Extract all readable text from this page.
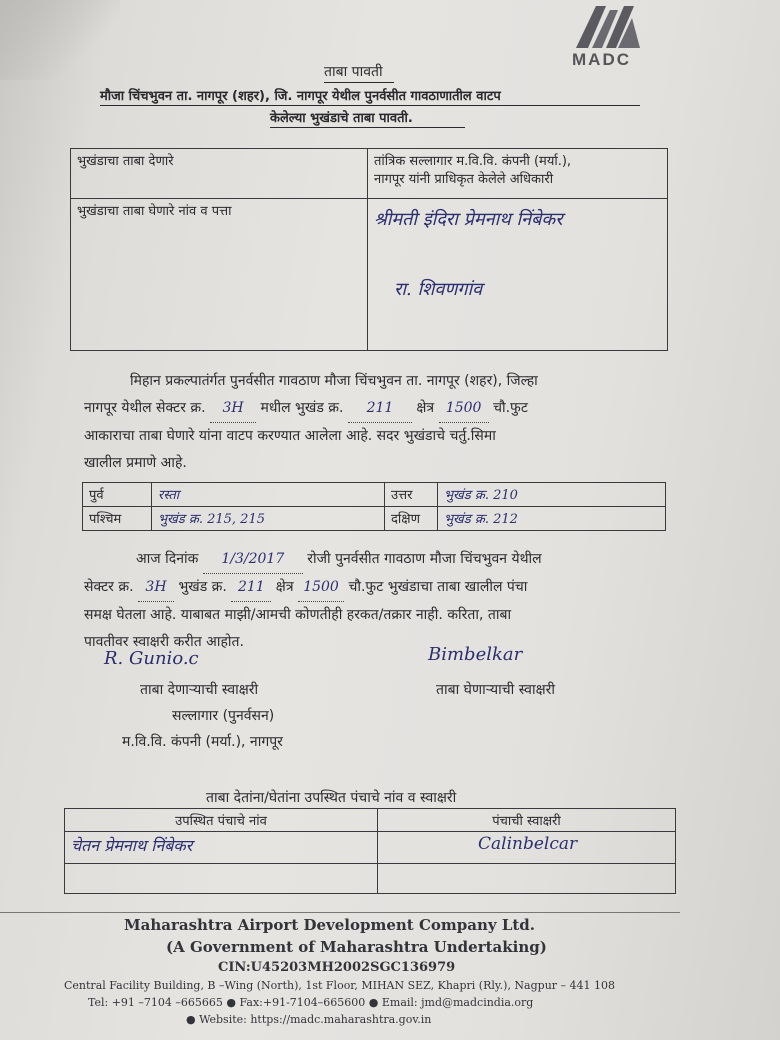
MADC
ताबा पावती
मौजा चिंचभुवन ता. नागपूर (शहर), जि. नागपूर येथील पुनर्वसीत गावठाणातील वाटप
केलेल्या भुखंडाचे ताबा पावती.
भुखंडाचा ताबा देणारे	तांत्रिक सल्लागार म.वि.वि. कंपनी (मर्या.),
नागपूर यांनी प्राधिकृत केलेले अधिकारी

भुखंडाचा ताबा घेणारे नांव व पत्ता	श्रीमती इंदिरा प्रेमनाथ निंबेकर
रा. शिवणगांव
मिहान प्रकल्पातंर्गत पुनर्वसीत गावठाण मौजा चिंचभुवन ता. नागपूर (शहर), जिल्हा
नागपूर येथील सेक्टर क्र. 3H मधील भुखंड क्र. 211 क्षेत्र 1500 चौ.फुट
आकाराचा ताबा घेणारे यांना वाटप करण्यात आलेला आहे. सदर भुखंडाचे चर्तु.सिमा
खालील प्रमाणे आहे.
पुर्व	रस्ता	उत्तर	भुखंड क्र. 210
पश्चिम	भुखंड क्र. 215, 215	दक्षिण	भुखंड क्र. 212
आज दिनांक 1/3/2017 रोजी पुनर्वसीत गावठाण मौजा चिंचभुवन येथील
सेक्टर क्र. 3H भुखंड क्र. 211 क्षेत्र 1500 चौ.फुट भुखंडाचा ताबा खालील पंचा
समक्ष घेतला आहे. याबाबत माझी/आमची कोणतीही हरकत/तक्रार नाही. करिता, ताबा
पावतीवर स्वाक्षरी करीत आहोत.
R. Gunio.c
ताबा देणाऱ्याची स्वाक्षरी
सल्लागार (पुनर्वसन)
म.वि.वि. कंपनी (मर्या.), नागपूर
Bimbelkar
ताबा घेणाऱ्याची स्वाक्षरी
ताबा देतांना/घेतांना उपस्थित पंचाचे नांव व स्वाक्षरी
उपस्थित पंचाचे नांव	पंचाची स्वाक्षरी
चेतन प्रेमनाथ निंबेकर	Calinbelcar

Maharashtra Airport Development Company Ltd.
(A Government of Maharashtra Undertaking)
CIN:U45203MH2002SGC136979
Central Facility Building, B –Wing (North), 1st Floor, MIHAN SEZ, Khapri (Rly.), Nagpur – 441 108
Tel: +91 –7104 –665665 ● Fax:+91-7104–665600 ● Email: jmd@madcindia.org
● Website: https://madc.maharashtra.gov.in
